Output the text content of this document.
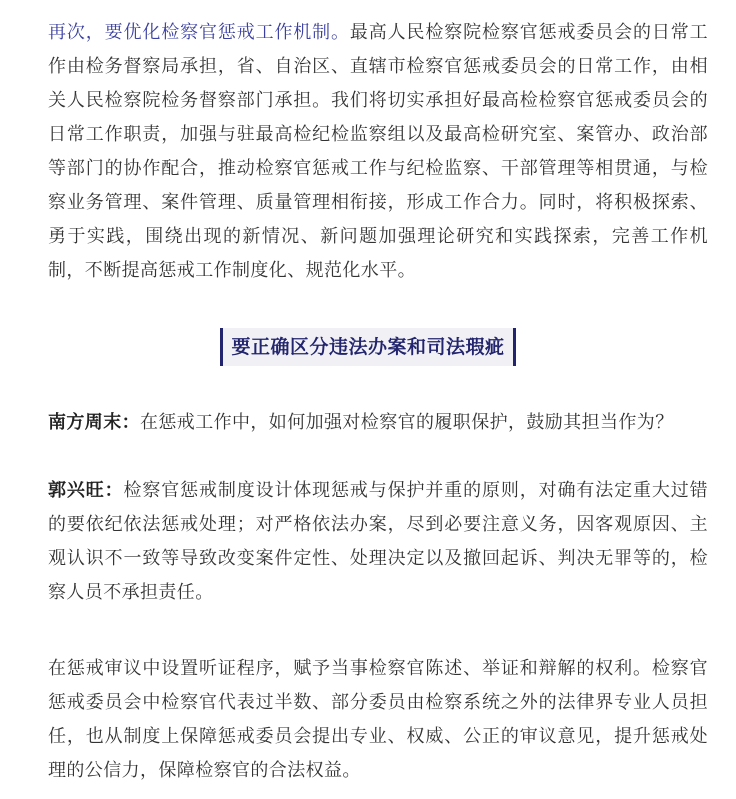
再次，要优化检察官惩戒工作机制。最高人民检察院检察官惩戒委员会的日常工作由检务督察局承担，省、自治区、直辖市检察官惩戒委员会的日常工作，由相关人民检察院检务督察部门承担。我们将切实承担好最高检检察官惩戒委员会的日常工作职责，加强与驻最高检纪检监察组以及最高检研究室、案管办、政治部等部门的协作配合，推动检察官惩戒工作与纪检监察、干部管理等相贯通，与检察业务管理、案件管理、质量管理相衔接，形成工作合力。同时，将积极探索、勇于实践，围绕出现的新情况、新问题加强理论研究和实践探索，完善工作机制，不断提高惩戒工作制度化、规范化水平。

要正确区分违法办案和司法瑕疵

南方周末：在惩戒工作中，如何加强对检察官的履职保护，鼓励其担当作为？

郭兴旺：检察官惩戒制度设计体现惩戒与保护并重的原则，对确有法定重大过错的要依纪依法惩戒处理；对严格依法办案，尽到必要注意义务，因客观原因、主观认识不一致等导致改变案件定性、处理决定以及撤回起诉、判决无罪等的，检察人员不承担责任。

在惩戒审议中设置听证程序，赋予当事检察官陈述、举证和辩解的权利。检察官惩戒委员会中检察官代表过半数、部分委员由检察系统之外的法律界专业人员担任，也从制度上保障惩戒委员会提出专业、权威、公正的审议意见，提升惩戒处理的公信力，保障检察官的合法权益。
